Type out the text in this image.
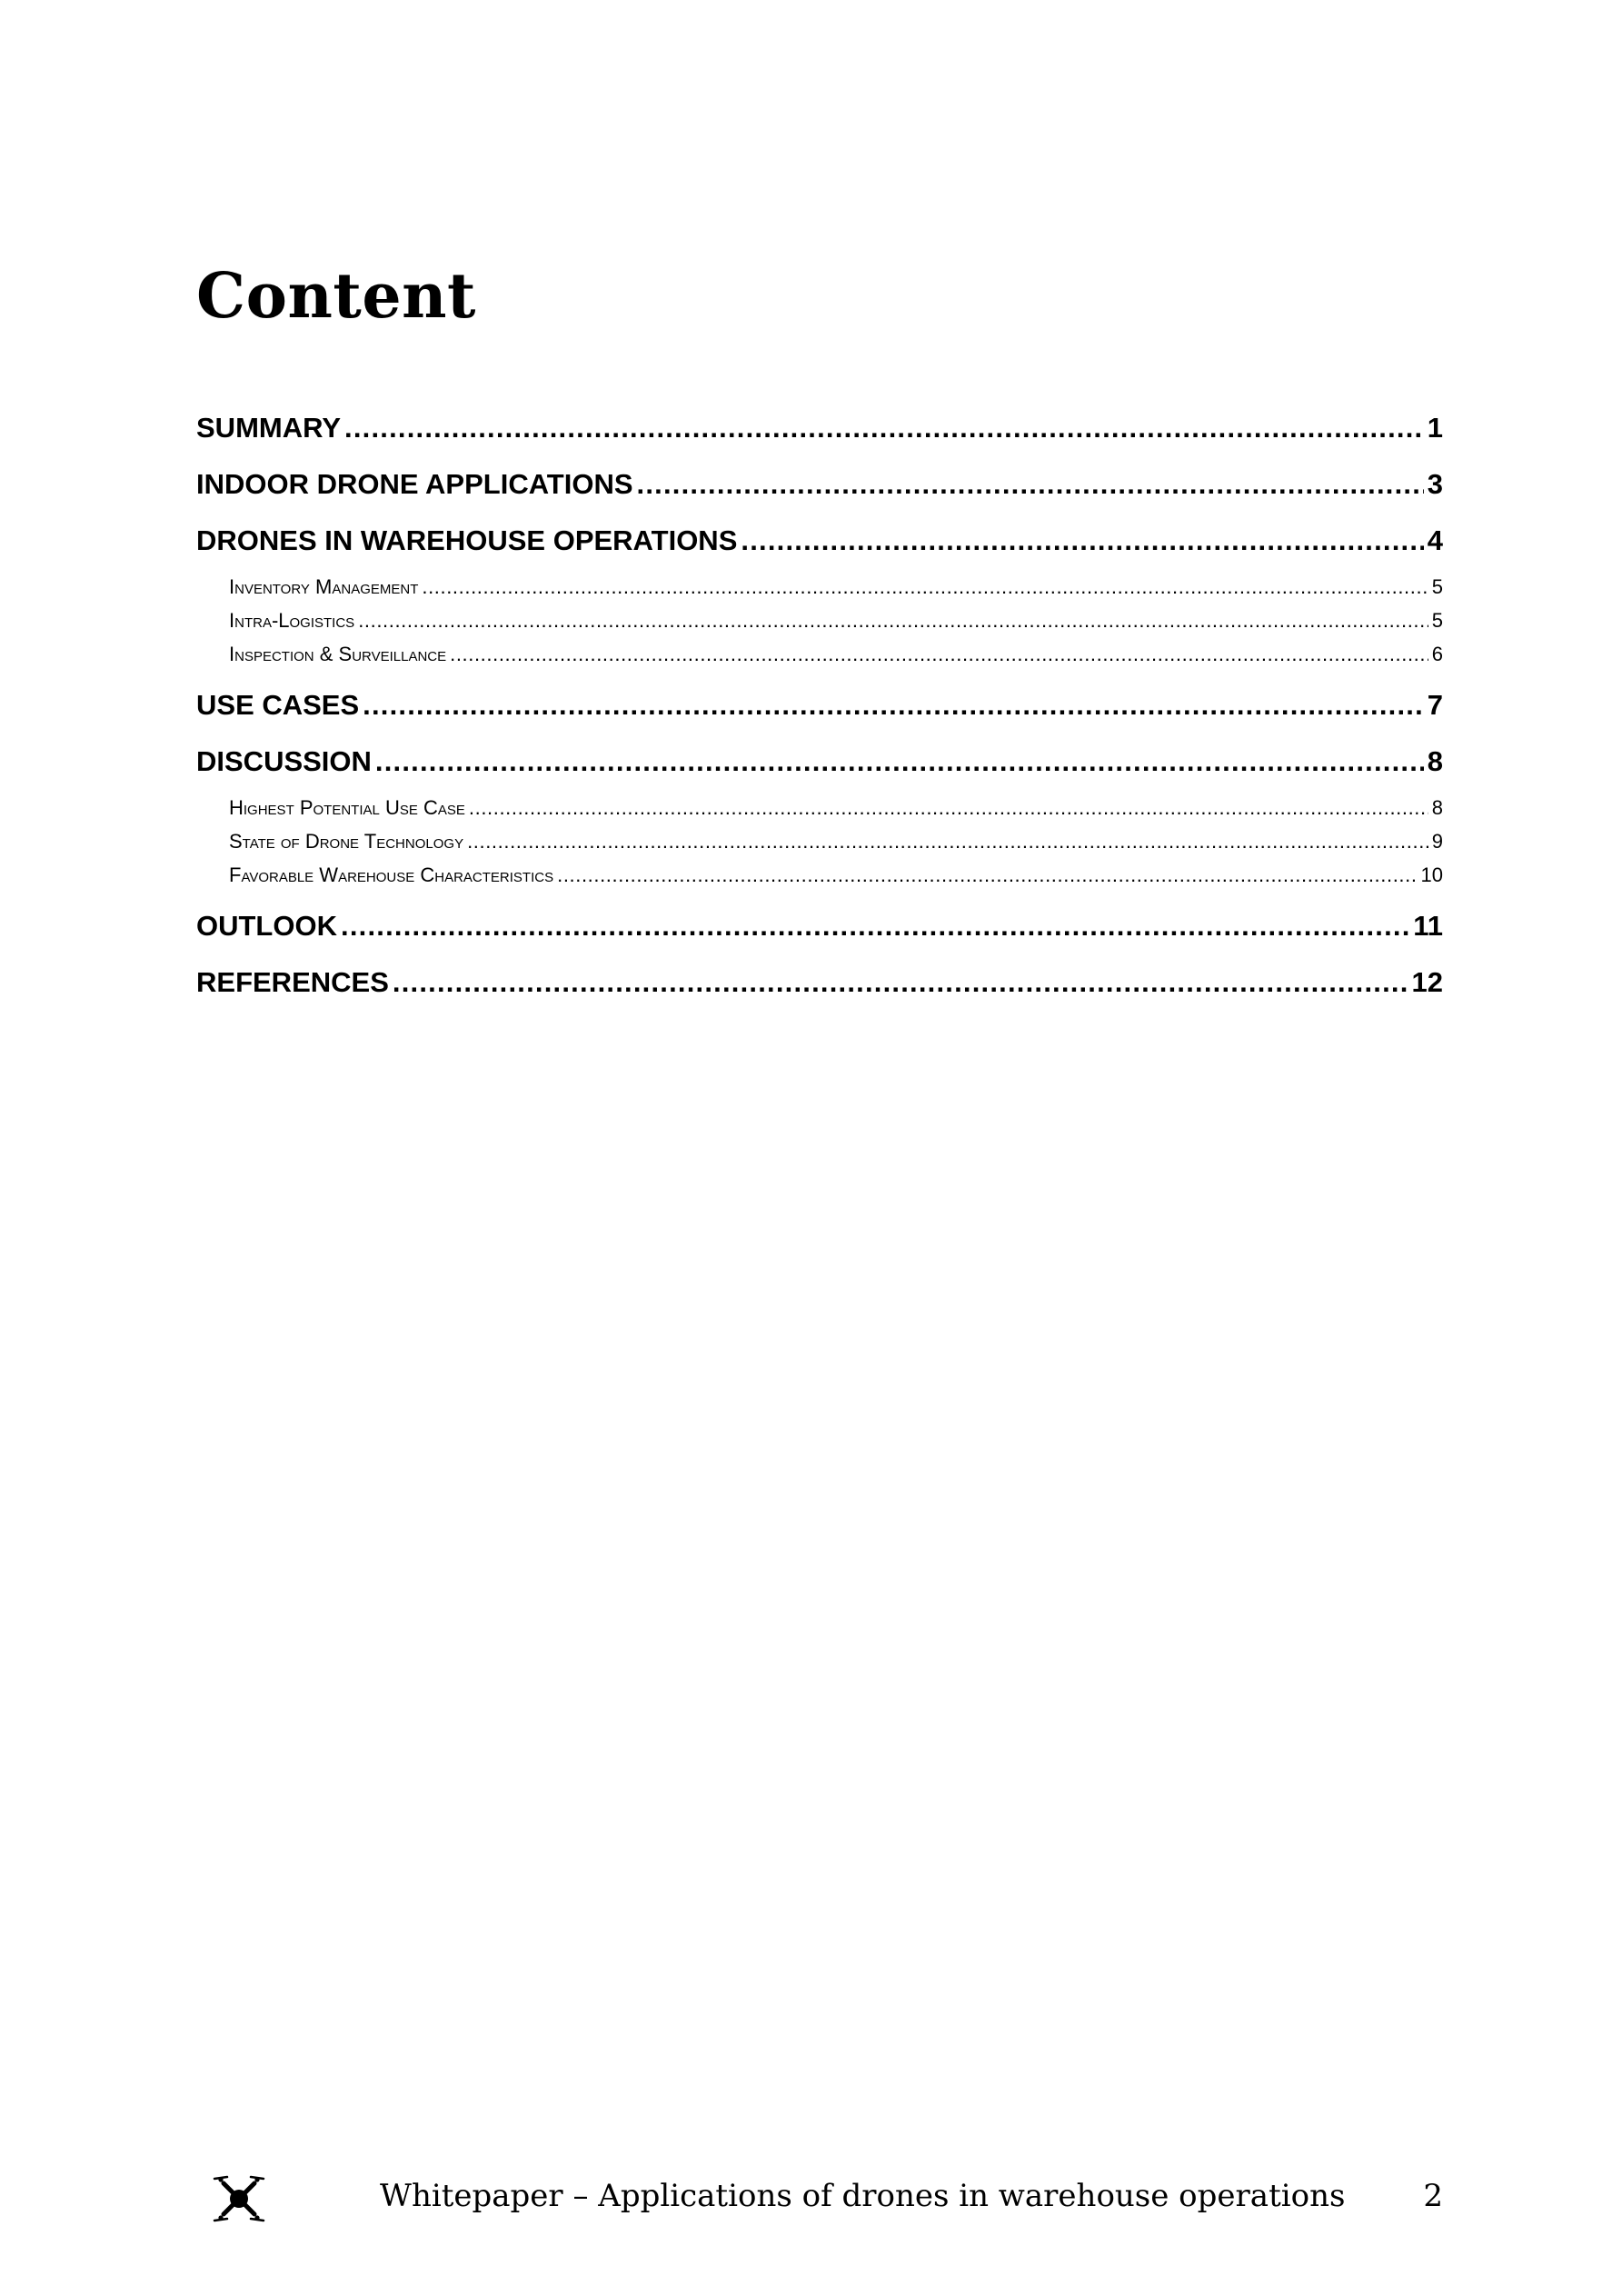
Content
SUMMARY .....	1
INDOOR DRONE APPLICATIONS .....	3
DRONES IN WAREHOUSE OPERATIONS .....	4
Inventory Management .....	5
Intra-Logistics .....	5
Inspection & Surveillance .....	6
USE CASES .....	7
DISCUSSION .....	8
Highest Potential Use Case .....	8
State of Drone Technology .....	9
Favorable Warehouse Characteristics .....	10
OUTLOOK .....	11
REFERENCES .....	12
Whitepaper – Applications of drones in warehouse operations	2
